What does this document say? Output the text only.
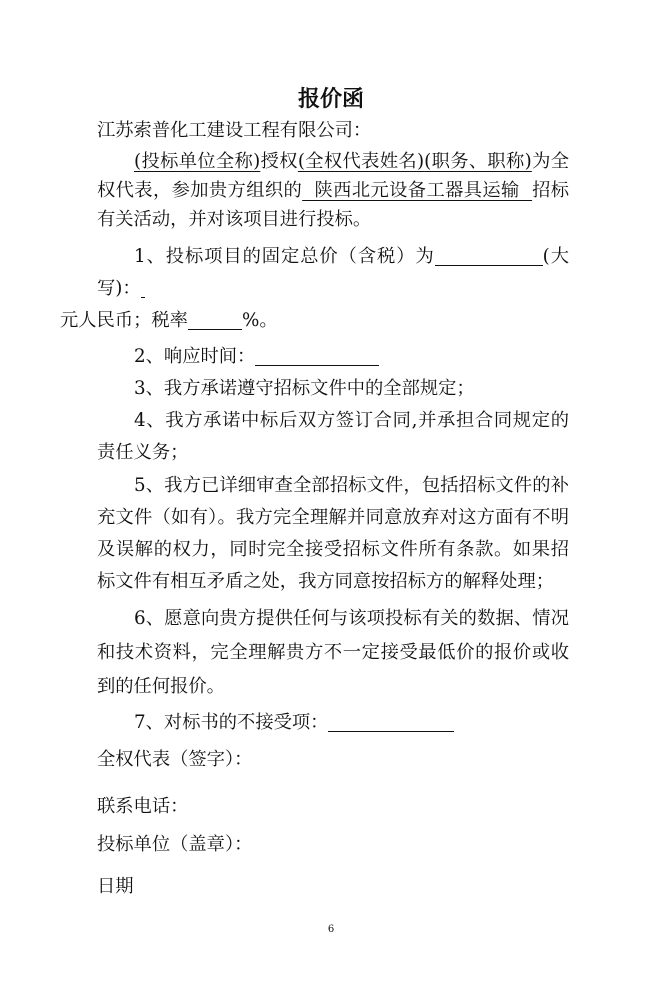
报价函
江苏索普化工建设工程有限公司：
(投标单位全称)授权(全权代表姓名)(职务、职称)为全权代表，参加贵方组织的  陕西北元设备工器具运输  招标有关活动，并对该项目进行投标。
1、投标项目的固定总价（含税）为	(大写)：
元人民币；税率	%。
2、响应时间：
3、我方承诺遵守招标文件中的全部规定；
4、我方承诺中标后双方签订合同,并承担合同规定的责任义务；
5、我方已详细审查全部招标文件，包括招标文件的补充文件（如有）。我方完全理解并同意放弃对这方面有不明及误解的权力，同时完全接受招标文件所有条款。如果招标文件有相互矛盾之处，我方同意按招标方的解释处理；
6、愿意向贵方提供任何与该项投标有关的数据、情况和技术资料，完全理解贵方不一定接受最低价的报价或收到的任何报价。
7、对标书的不接受项：
全权代表（签字）：
联系电话：
投标单位（盖章）：
日期
6
